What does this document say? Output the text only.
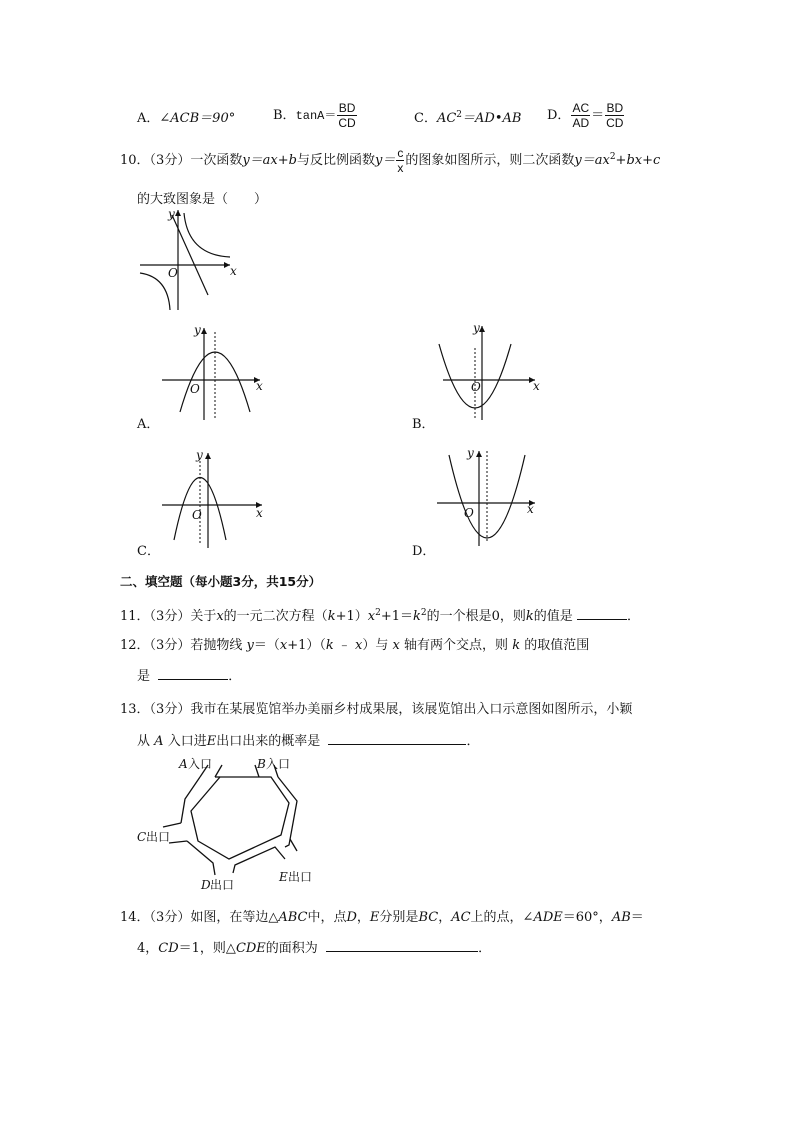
A．∠ACB＝90°	B．$\tan A= \frac{BD}{CD}$	C．$AC^2=AD•AB$ D． $\frac{AC}{AD} = \frac{BD}{CD}$
10．（3分）一次函数y＝ax+b与反比例函数$y= \frac{c}{x}$ 的图象如图所示，则二次函数$y=ax^2+bx+c$
的大致图象是（　　）
x
y
O
x
y
O
A．
x
y
O
B．
x
y
O
C．
x
y
O
D．
二、填空题（每小题3分，共15分）
11．（3分）关于x的一元二次方程$(k+1)x^2+1=k^2$的一个根是0，则k的值是	．
12．（3分）若抛物线 y＝（x+1）（k ﹣ x）与 x 轴有两个交点，则 k 的取值范围
是	．
13．（3分）我市在某展览馆举办美丽乡村成果展，该展览馆出入口示意图如图所示，小颖
从 A 入口进E出口出来的概率是	．
A 入口	B 入口
C 出口
D 出口
E 出口
14．（3分）如图，在等边△ABC中，点D，E分别是BC，AC上的点，∠ADE＝60°，AB＝
4，CD＝1，则△CDE的面积为	．
